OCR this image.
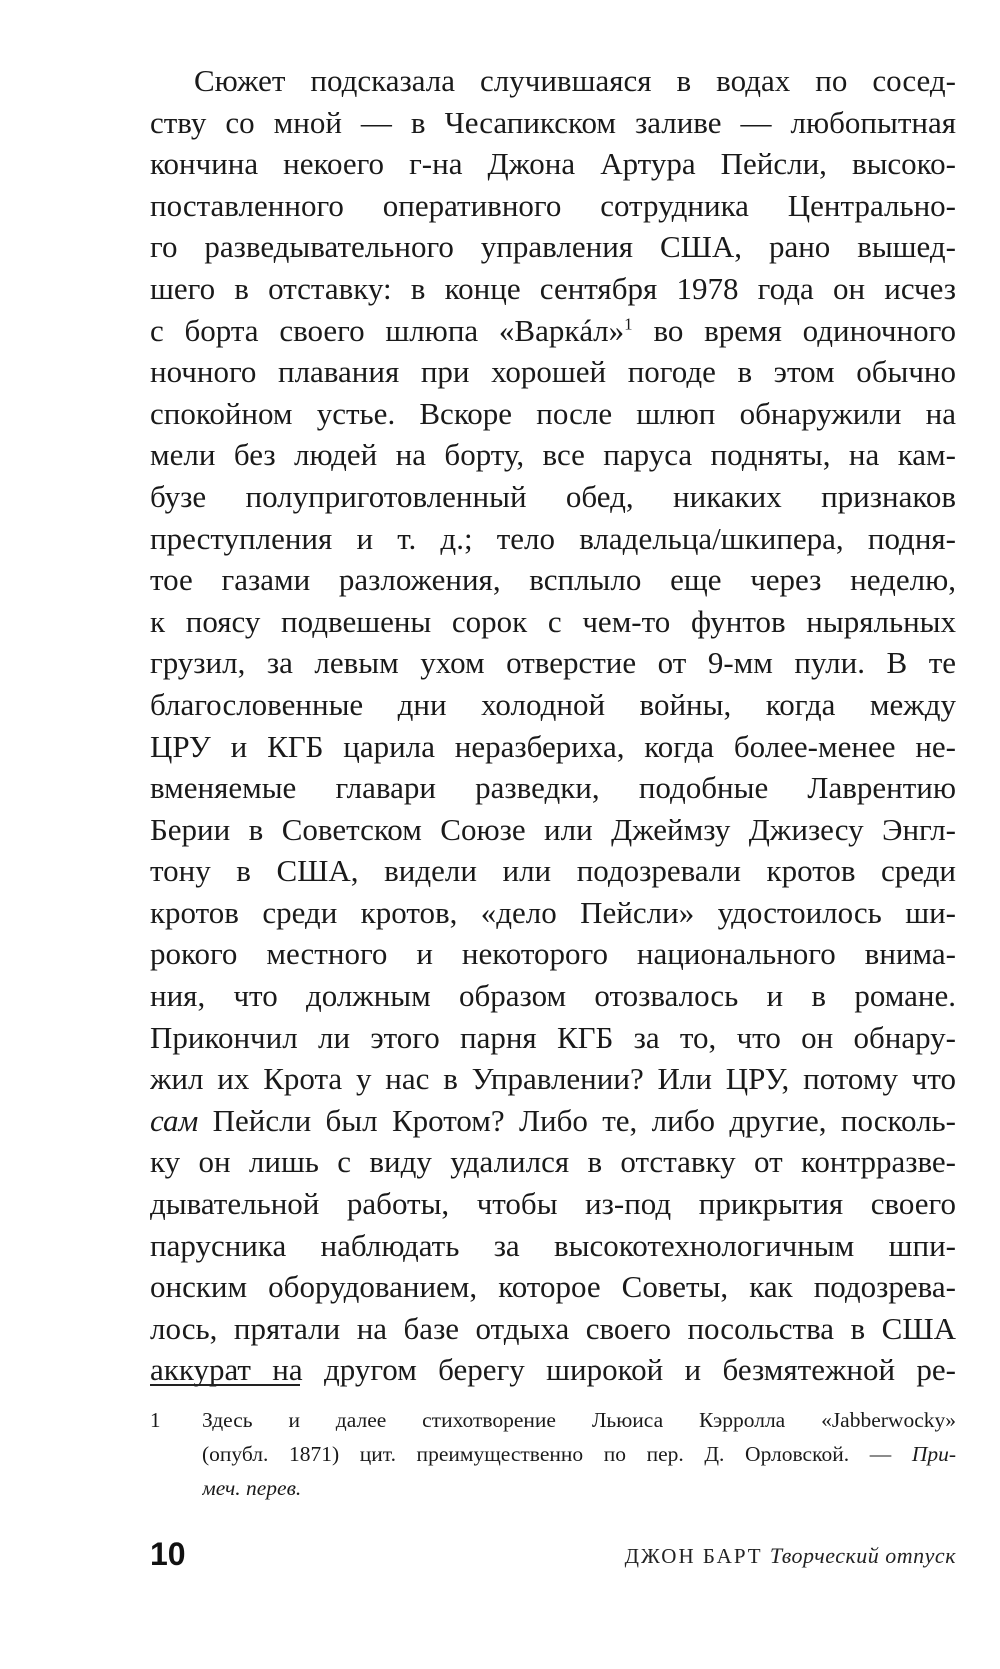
Сюжет подсказала случившаяся в водах по сосед-
ству со мной — в Чесапикском заливе — любопытная
кончина некоего г-на Джона Артура Пейсли, высоко-
поставленного оперативного сотрудника Центрально-
го разведывательного управления США, рано вышед-
шего в отставку: в конце сентября 1978 года он исчез
с борта своего шлюпа «Варкáл»$^1$ во время одиночного
ночного плавания при хорошей погоде в этом обычно
спокойном устье. Вскоре после шлюп обнаружили на
мели без людей на борту, все паруса подняты, на кам-
бузе полуприготовленный обед, никаких признаков
преступления и т. д.; тело владельца/шкипера, подня-
тое газами разложения, всплыло еще через неделю,
к поясу подвешены сорок с чем-то фунтов ныряльных
грузил, за левым ухом отверстие от 9-мм пули. В те
благословенные дни холодной войны, когда между
ЦРУ и КГБ царила неразбериха, когда более-менее не-
вменяемые главари разведки, подобные Лаврентию
Берии в Советском Союзе или Джеймзу Джизесу Энгл-
тону в США, видели или подозревали кротов среди
кротов среди кротов, «дело Пейсли» удостоилось ши-
рокого местного и некоторого национального внима-
ния, что должным образом отозвалось и в романе.
Прикончил ли этого парня КГБ за то, что он обнару-
жил их Крота у нас в Управлении? Или ЦРУ, потому что
сам Пейсли был Кротом? Либо те, либо другие, посколь-
ку он лишь с виду удалился в отставку от контрразве-
дывательной работы, чтобы из-под прикрытия своего
парусника наблюдать за высокотехнологичным шпи-
онским оборудованием, которое Советы, как подозрева-
лось, прятали на базе отдыха своего посольства в США
аккурат на другом берегу широкой и безмятежной ре-
1 Здесь и далее стихотворение Льюиса Кэрролла «Jabberwocky»
(опубл. 1871) цит. преимущественно по пер. Д. Орловской. — При-
меч. перев.
10	ДЖОН БАРТ Творческий отпуск
